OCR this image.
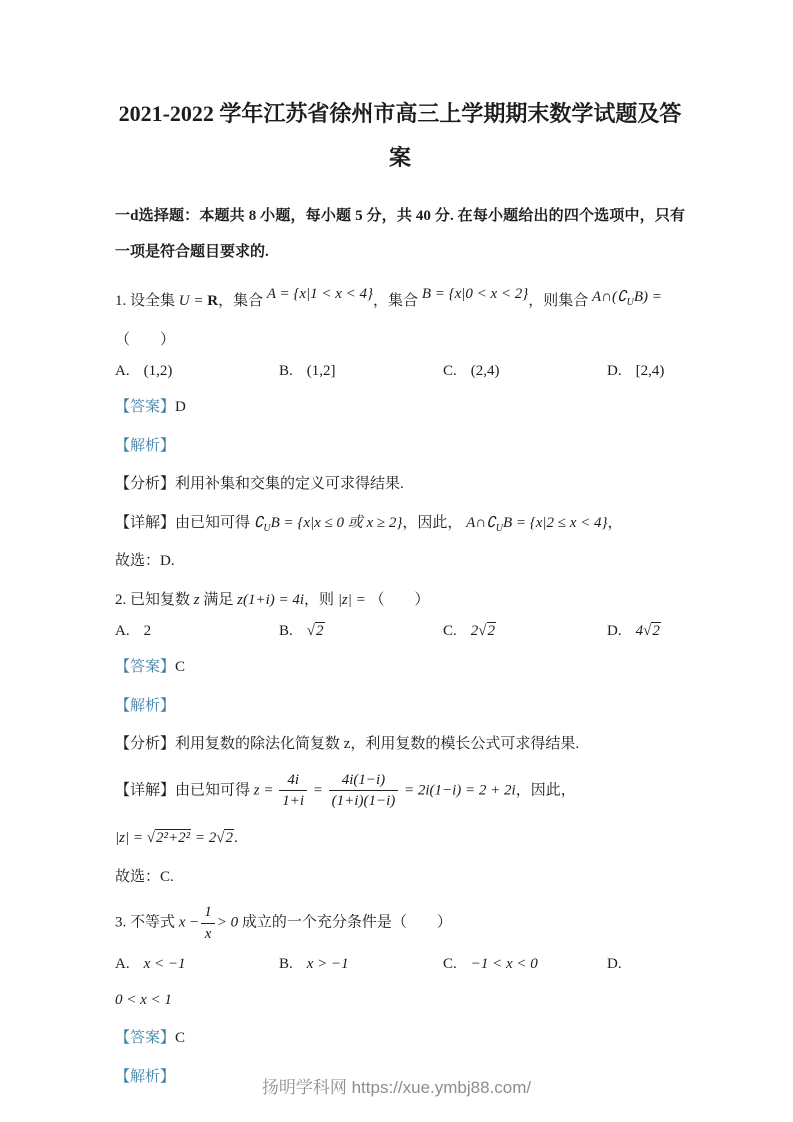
2021-2022 学年江苏省徐州市高三上学期期末数学试题及答案

一d选择题：本题共 8 小题，每小题 5 分，共 40 分. 在每小题给出的四个选项中，只有一项是符合题目要求的.

1. 设全集 U = R，集合 A = {x|1 < x < 4}，集合 B = {x|0 < x < 2}，则集合 $A\cap(∁_UB)$ =
（　　）
A. (1,2)	B. (1,2]	C. (2,4)	D. [2,4)
【答案】D
【解析】
【分析】利用补集和交集的定义可求得结果.
【详解】由已知可得 $∁_UB = \{x|x \le 0$ 或 x ≥ 2}，因此， $A\cap∁_UB = \{x|2 \le x < 4\}$，
故选：D.
2. 已知复数 z 满足 z(1+i) = 4i，则 |z| = （　　）
A. 2	B. √2	C. 2√2	D. 4√2
【答案】C
【解析】
【分析】利用复数的除法化简复数 z，利用复数的模长公式可求得结果.
【详解】由已知可得 $z = \frac{4i}{1+i} = \frac{4i(1-i)}{(1+i)(1-i)} = 2i(1-i) = 2 + 2i$，因此，
|z| = √2²+2² = 2√2.
故选：C.
3. 不等式 $x - \frac{1}{x} > 0$ 成立的一个充分条件是（　　）
A. x < −1	B. x > −1	C. −1 < x < 0	D.
0 < x < 1
【答案】C
【解析】
扬明学科网 https://xue.ymbj88.com/
